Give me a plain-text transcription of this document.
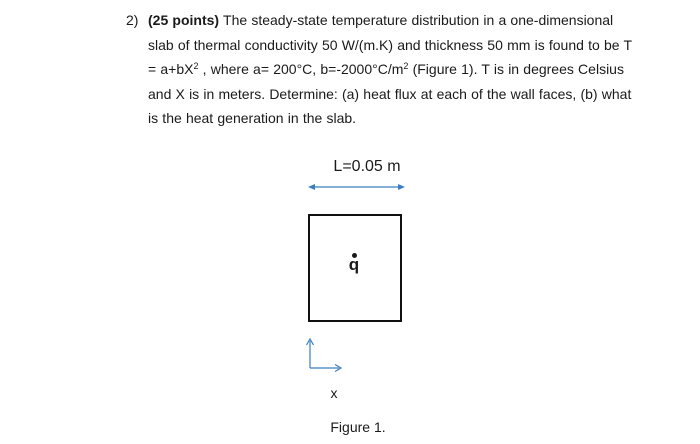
2) (25 points) The steady-state temperature distribution in a one-dimensional slab of thermal conductivity 50 W/(m.K) and thickness 50 mm is found to be $T = a+bX^2$ , where a= 200°C, $b=-2000^\circ C/m^2$ (Figure 1). T is in degrees Celsius and X is in meters. Determine: (a) heat flux at each of the wall faces, (b) what is the heat generation in the slab.
L=0.05 m
q
x
Figure 1.
